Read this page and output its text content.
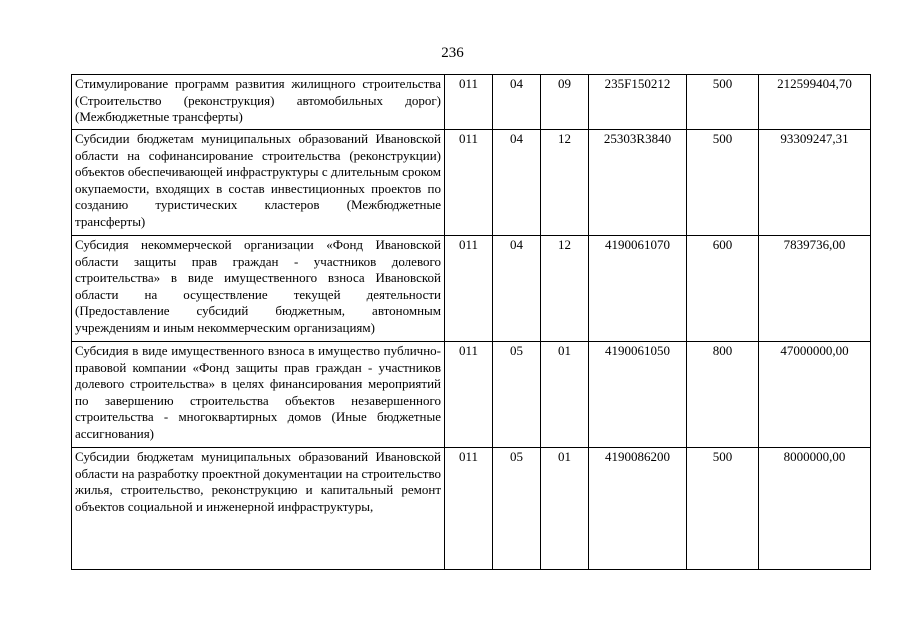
236
Стимулирование программ развития жилищного строительства (Строительство (реконструкция) автомобильных дорог) (Межбюджетные трансферты)	011	04	09	235F150212	500	212599404,70
Субсидии бюджетам муниципальных образований Ивановской области на софинансирование строительства (реконструкции) объектов обеспечивающей инфраструктуры с длительным сроком окупаемости, входящих в состав инвестиционных проектов по созданию туристических кластеров (Межбюджетные трансферты)	011	04	12	25303R3840	500	93309247,31
Субсидия некоммерческой организации «Фонд Ивановской области защиты прав граждан - участников долевого строительства» в виде имущественного взноса Ивановской области на осуществление текущей деятельности (Предоставление субсидий бюджетным, автономным учреждениям и иным некоммерческим организациям)	011	04	12	4190061070	600	7839736,00
Субсидия в виде имущественного взноса в имущество публично-правовой компании «Фонд защиты прав граждан - участников долевого строительства» в целях финансирования мероприятий по завершению строительства объектов незавершенного строительства - многоквартирных домов (Иные бюджетные ассигнования)	011	05	01	4190061050	800	47000000,00
Субсидии бюджетам муниципальных образований Ивановской области на разработку проектной документации на строительство жилья, строительство, реконструкцию и капитальный ремонт объектов социальной и инженерной инфраструктуры,	011	05	01	4190086200	500	8000000,00
